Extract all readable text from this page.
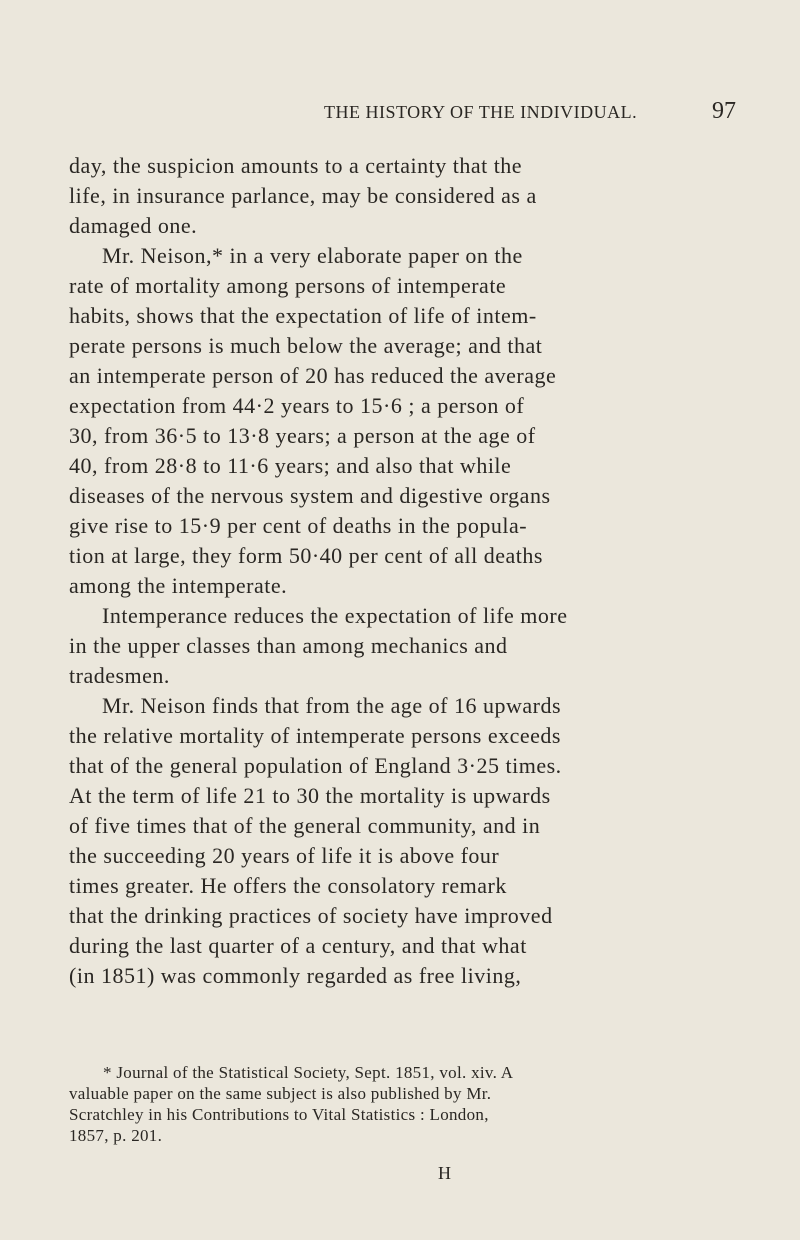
THE HISTORY OF THE INDIVIDUAL.	97
day, the suspicion amounts to a certainty that the
life, in insurance parlance, may be considered as a
damaged one.
Mr. Neison,* in a very elaborate paper on the
rate of mortality among persons of intemperate
habits, shows that the expectation of life of intem-
perate persons is much below the average; and that
an intemperate person of 20 has reduced the average
expectation from 44·2 years to 15·6 ; a person of
30, from 36·5 to 13·8 years; a person at the age of
40, from 28·8 to 11·6 years; and also that while
diseases of the nervous system and digestive organs
give rise to 15·9 per cent of deaths in the popula-
tion at large, they form 50·40 per cent of all deaths
among the intemperate.
Intemperance reduces the expectation of life more
in the upper classes than among mechanics and
tradesmen.
Mr. Neison finds that from the age of 16 upwards
the relative mortality of intemperate persons exceeds
that of the general population of England 3·25 times.
At the term of life 21 to 30 the mortality is upwards
of five times that of the general community, and in
the succeeding 20 years of life it is above four
times greater. He offers the consolatory remark
that the drinking practices of society have improved
during the last quarter of a century, and that what
(in 1851) was commonly regarded as free living,
* Journal of the Statistical Society, Sept. 1851, vol. xiv. A
valuable paper on the same subject is also published by Mr.
Scratchley in his Contributions to Vital Statistics : London,
1857, p. 201.
H
